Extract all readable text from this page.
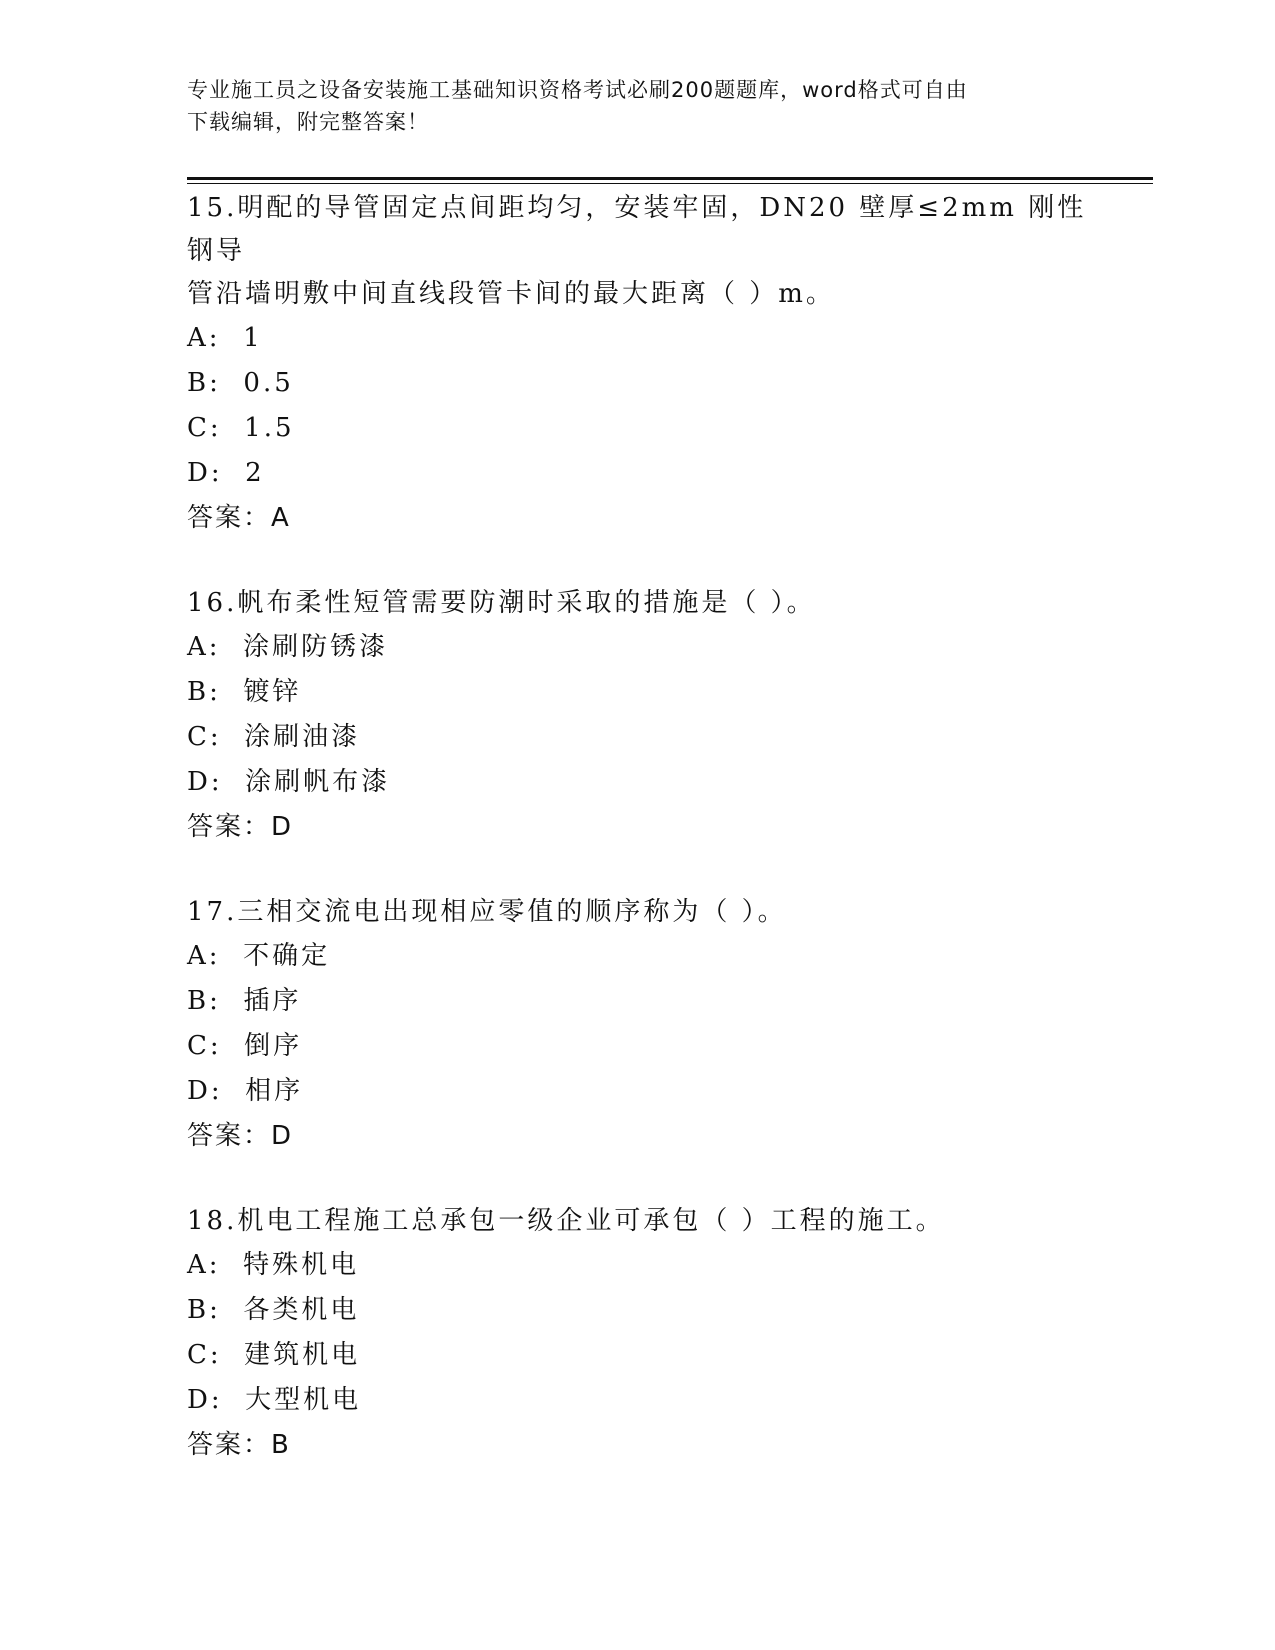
专业施工员之设备安装施工基础知识资格考试必刷200题题库，word格式可自由
下载编辑，附完整答案！

15.明配的导管固定点间距均匀，安装牢固，DN20 壁厚≤2mm 刚性钢导
管沿墙明敷中间直线段管卡间的最大距离（ ）m。

A:  1

B:  0.5

C:  1.5

D:  2

答案：A

16.帆布柔性短管需要防潮时采取的措施是（ ）。

A:  涂刷防锈漆

B:  镀锌

C:  涂刷油漆

D:  涂刷帆布漆

答案：D

17.三相交流电出现相应零值的顺序称为（ ）。

A:  不确定

B:  插序

C:  倒序

D:  相序

答案：D

18.机电工程施工总承包一级企业可承包（ ）工程的施工。

A:  特殊机电

B:  各类机电

C:  建筑机电

D:  大型机电

答案：B
